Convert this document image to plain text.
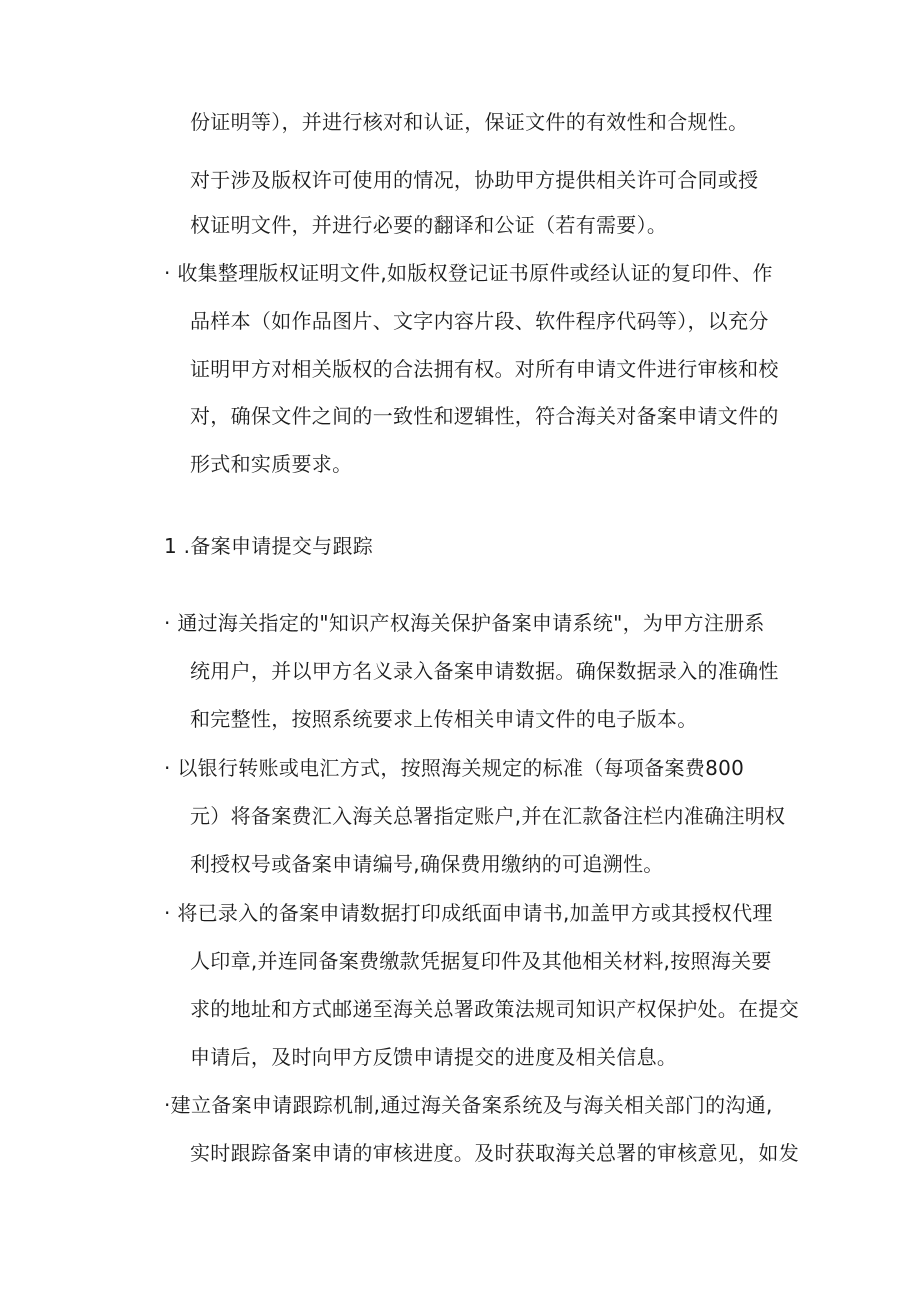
份证明等），并进行核对和认证，保证文件的有效性和合规性。
对于涉及版权许可使用的情况，协助甲方提供相关许可合同或授
权证明文件，并进行必要的翻译和公证（若有需要）。
· 收集整理版权证明文件,如版权登记证书原件或经认证的复印件、作
品样本（如作品图片、文字内容片段、软件程序代码等），以充分
证明甲方对相关版权的合法拥有权。对所有申请文件进行审核和校
对，确保文件之间的一致性和逻辑性，符合海关对备案申请文件的
形式和实质要求。
1 .备案申请提交与跟踪
· 通过海关指定的"知识产权海关保护备案申请系统"，为甲方注册系
统用户，并以甲方名义录入备案申请数据。确保数据录入的准确性
和完整性，按照系统要求上传相关申请文件的电子版本。
· 以银行转账或电汇方式，按照海关规定的标准（每项备案费800
元）将备案费汇入海关总署指定账户,并在汇款备注栏内准确注明权
利授权号或备案申请编号,确保费用缴纳的可追溯性。
· 将已录入的备案申请数据打印成纸面申请书,加盖甲方或其授权代理
人印章,并连同备案费缴款凭据复印件及其他相关材料,按照海关要
求的地址和方式邮递至海关总署政策法规司知识产权保护处。在提交
申请后，及时向甲方反馈申请提交的进度及相关信息。
·建立备案申请跟踪机制,通过海关备案系统及与海关相关部门的沟通,
实时跟踪备案申请的审核进度。及时获取海关总署的审核意见，如发
